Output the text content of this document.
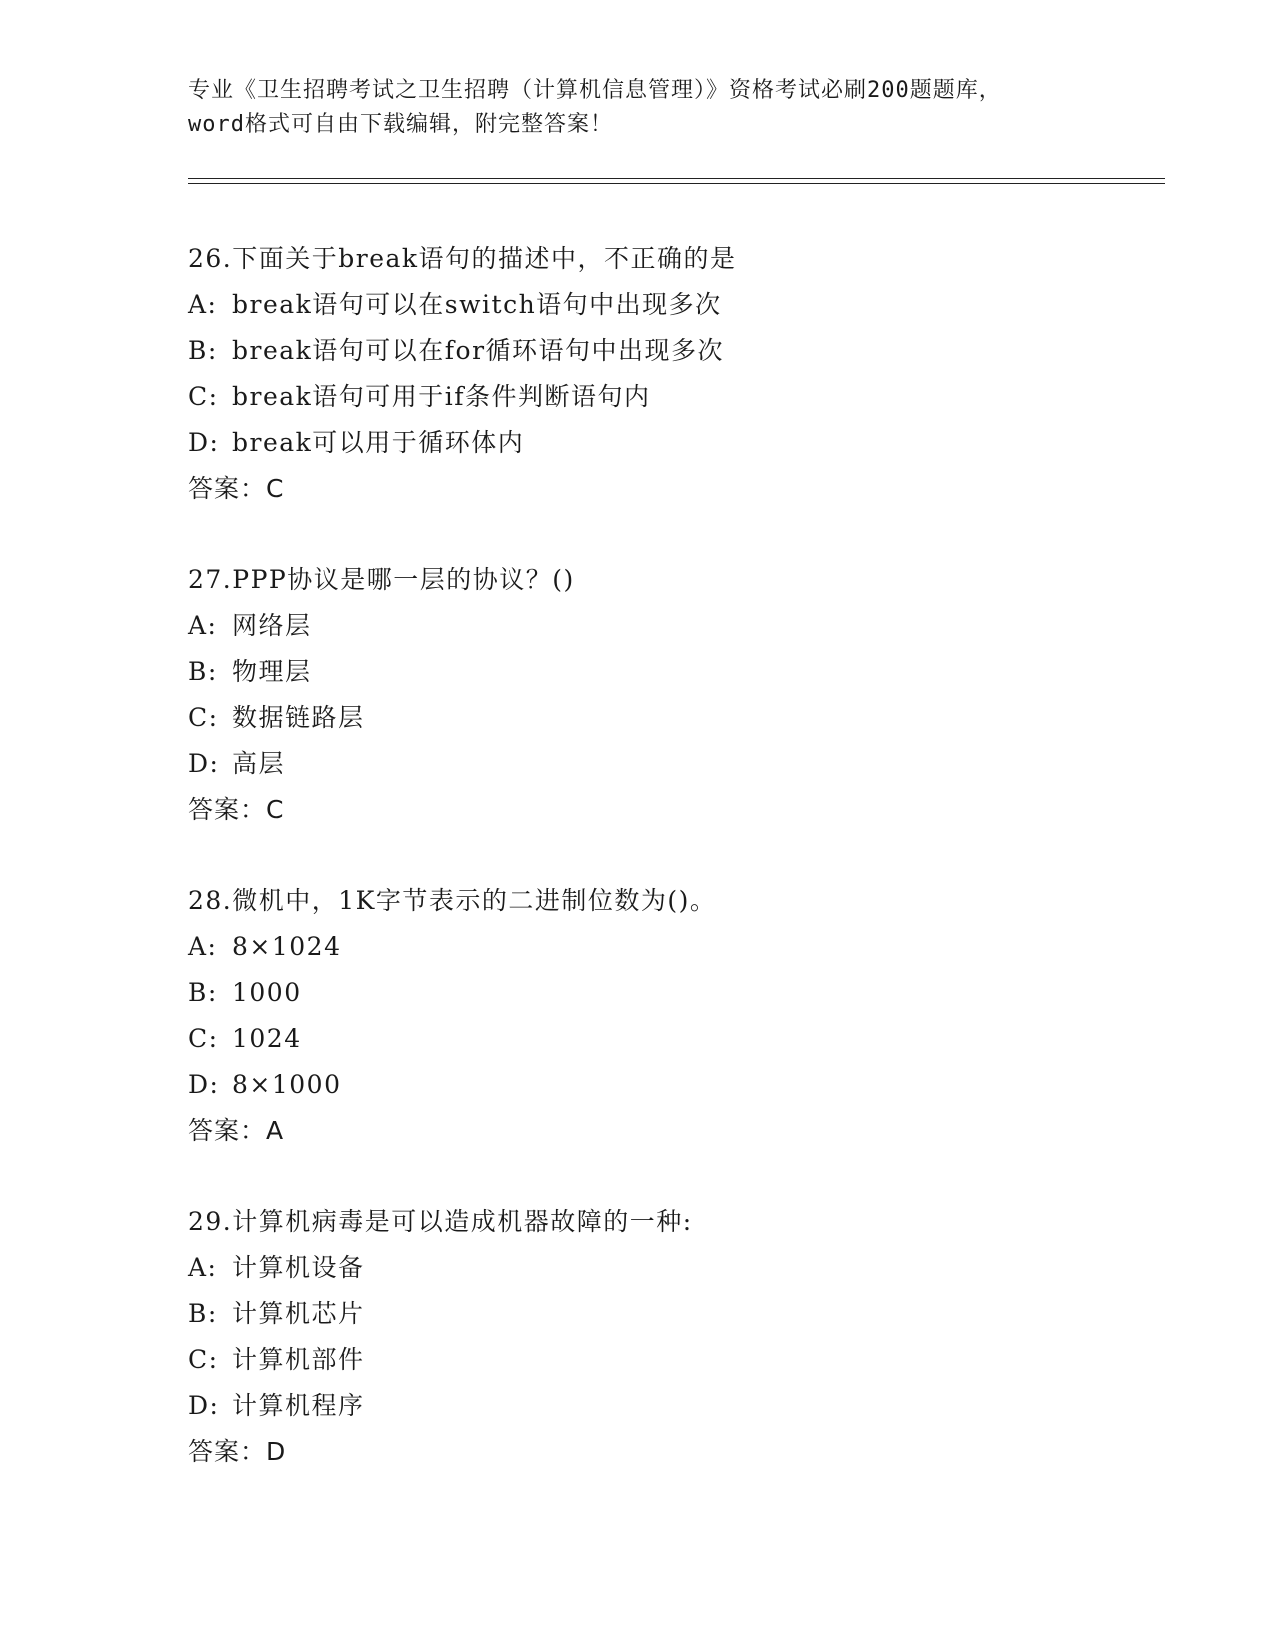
专业《卫生招聘考试之卫生招聘（计算机信息管理）》资格考试必刷200题题库，
word格式可自由下载编辑，附完整答案！
26.下面关于break语句的描述中，不正确的是
A: break语句可以在switch语句中出现多次
B: break语句可以在for循环语句中出现多次
C: break语句可用于if条件判断语句内
D: break可以用于循环体内
答案：C
27.PPP协议是哪一层的协议？()
A: 网络层
B: 物理层
C: 数据链路层
D: 高层
答案：C
28.微机中，1K字节表示的二进制位数为()。
A: 8×1024
B: 1000
C: 1024
D: 8×1000
答案：A
29.计算机病毒是可以造成机器故障的一种:
A: 计算机设备
B: 计算机芯片
C: 计算机部件
D: 计算机程序
答案：D
